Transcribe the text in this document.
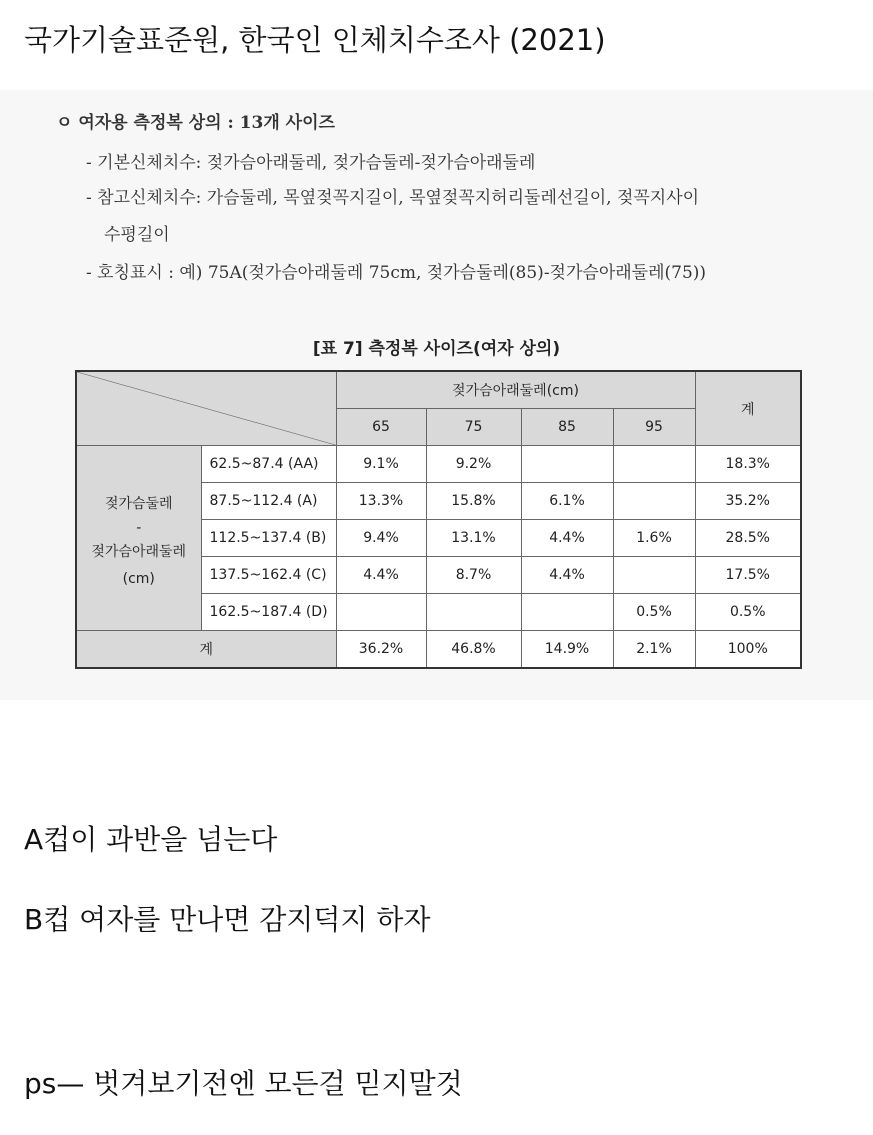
국가기술표준원, 한국인 인체치수조사 (2021)
ㅇ 여자용 측정복 상의 : 13개 사이즈
- 기본신체치수: 젖가슴아래둘레, 젖가슴둘레-젖가슴아래둘레
- 참고신체치수: 가슴둘레, 목옆젖꼭지길이, 목옆젖꼭지허리둘레선길이, 젖꼭지사이
수평길이
- 호칭표시 : 예) 75A(젖가슴아래둘레 75cm, 젖가슴둘레(85)-젖가슴아래둘레(75))
[표 7] 측정복 사이즈(여자 상의)
	젖가슴아래둘레(cm)				계
		65	75	85	95	

젖가슴둘레
-
젖가슴아래둘레
(cm)	62.5~87.4 (AA)	9.1%	9.2%			18.3%
	87.5~112.4 (A)	13.3%	15.8%	6.1%		35.2%
	112.5~137.4 (B)	9.4%	13.1%	4.4%	1.6%	28.5%
	137.5~162.4 (C)	4.4%	8.7%	4.4%		17.5%
	162.5~187.4 (D)				0.5%	0.5%
계		36.2%	46.8%	14.9%	2.1%	100%
A컵이 과반을 넘는다
B컵 여자를 만나면 감지덕지 하자
ps— 벗겨보기전엔 모든걸 믿지말것
